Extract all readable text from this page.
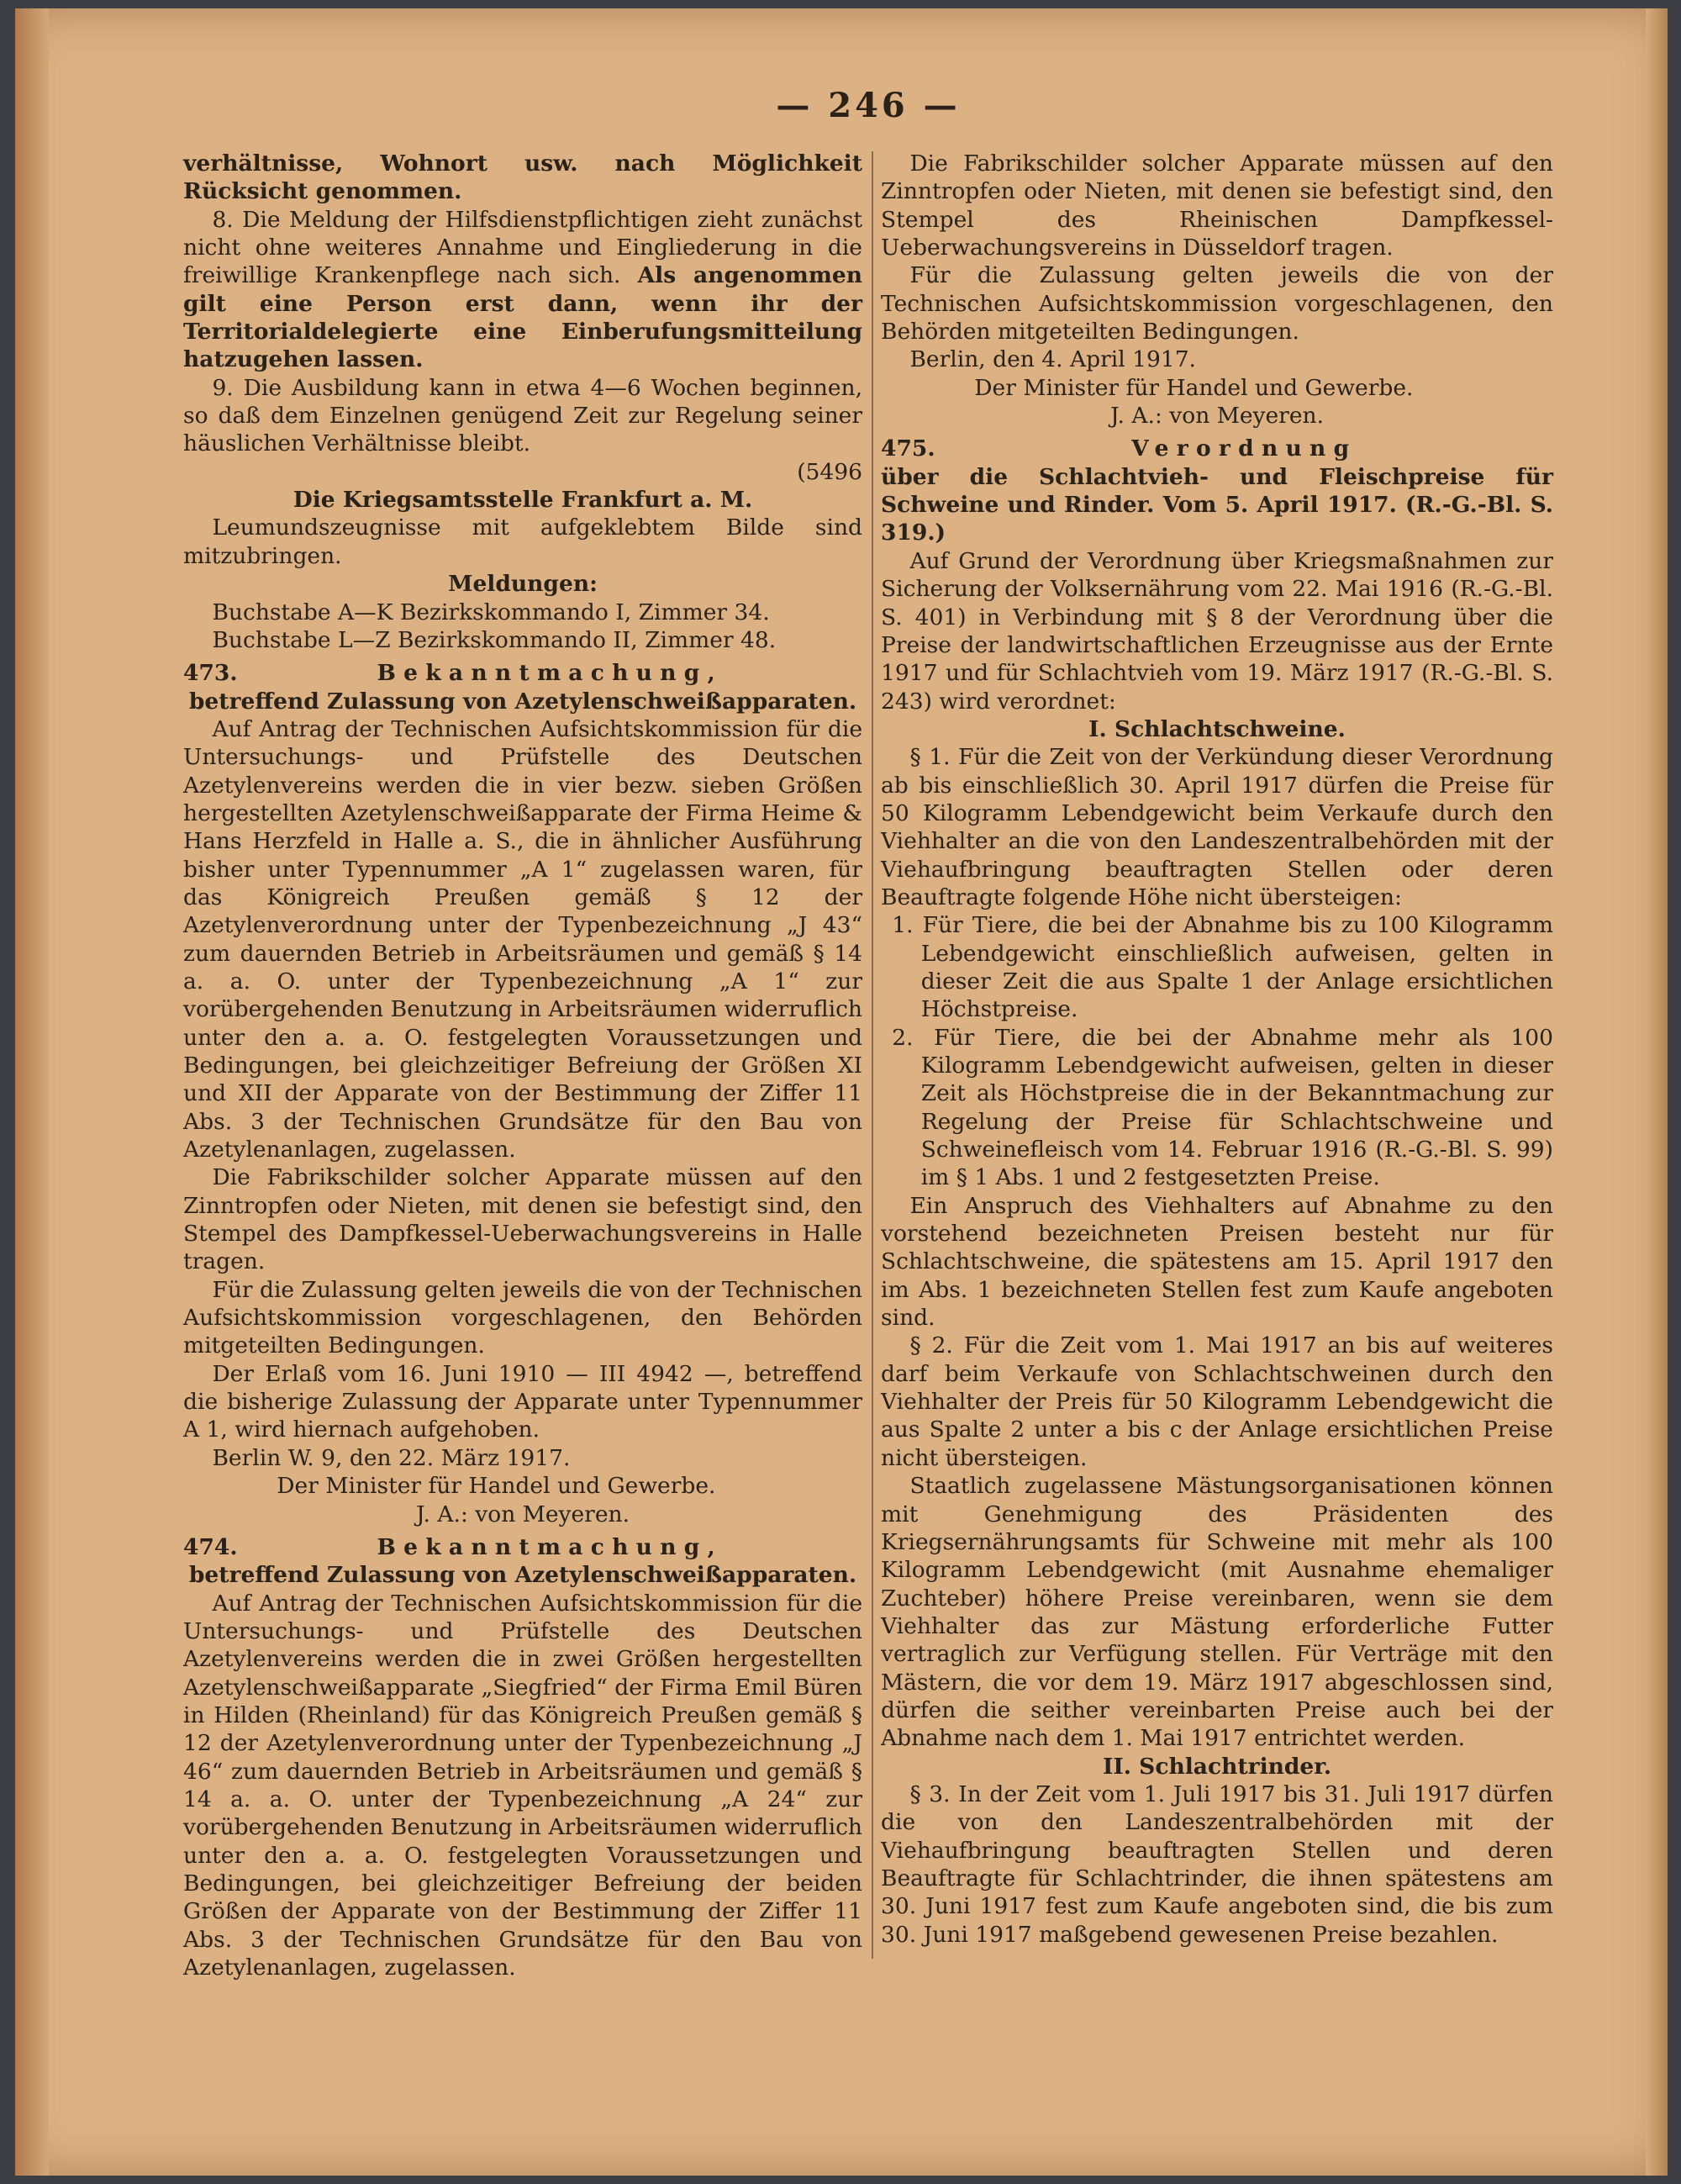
— 246 —

verhältnisse, Wohnort usw. nach Möglichkeit Rücksicht genommen.

8. Die Meldung der Hilfsdienstpflichtigen zieht zunächst nicht ohne weiteres Annahme und Eingliederung in die freiwillige Krankenpflege nach sich. Als angenommen gilt eine Person erst dann, wenn ihr der Territorialdelegierte eine Einberufungsmitteilung hatzugehen lassen.

9. Die Ausbildung kann in etwa 4—6 Wochen beginnen, so daß dem Einzelnen genügend Zeit zur Regelung seiner häuslichen Verhältnisse bleibt.

(5496

Die Kriegsamtsstelle Frankfurt a. M.

Leumundszeugnisse mit aufgeklebtem Bilde sind mitzubringen.

Meldungen:

Buchstabe A—K Bezirkskommando I, Zimmer 34.

Buchstabe L—Z Bezirkskommando II, Zimmer 48.

473.	Bekanntmachung,

betreffend Zulassung von Azetylenschweißapparaten.

Auf Antrag der Technischen Aufsichtskommission für die Untersuchungs- und Prüfstelle des Deutschen Azetylenvereins werden die in vier bezw. sieben Größen hergestellten Azetylenschweißapparate der Firma Heime & Hans Herzfeld in Halle a. S., die in ähnlicher Ausführung bisher unter Typennummer „A 1“ zugelassen waren, für das Königreich Preußen gemäß § 12 der Azetylenverordnung unter der Typenbezeichnung „J 43“ zum dauernden Betrieb in Arbeitsräumen und gemäß § 14 a. a. O. unter der Typenbezeichnung „A 1“ zur vorübergehenden Benutzung in Arbeitsräumen widerruflich unter den a. a. O. festgelegten Voraussetzungen und Bedingungen, bei gleichzeitiger Befreiung der Größen XI und XII der Apparate von der Bestimmung der Ziffer 11 Abs. 3 der Technischen Grundsätze für den Bau von Azetylenanlagen, zugelassen.

Die Fabrikschilder solcher Apparate müssen auf den Zinntropfen oder Nieten, mit denen sie befestigt sind, den Stempel des Dampfkessel-Ueberwachungsvereins in Halle tragen.

Für die Zulassung gelten jeweils die von der Technischen Aufsichtskommission vorgeschlagenen, den Behörden mitgeteilten Bedingungen.

Der Erlaß vom 16. Juni 1910 — III 4942 —, betreffend die bisherige Zulassung der Apparate unter Typennummer A 1, wird hiernach aufgehoben.

Berlin W. 9, den 22. März 1917.

Der Minister für Handel und Gewerbe.

J. A.: von Meyeren.

474.	Bekanntmachung,

betreffend Zulassung von Azetylenschweißapparaten.

Auf Antrag der Technischen Aufsichtskommission für die Untersuchungs- und Prüfstelle des Deutschen Azetylenvereins werden die in zwei Größen hergestellten Azetylenschweißapparate „Siegfried“ der Firma Emil Büren in Hilden (Rheinland) für das Königreich Preußen gemäß § 12 der Azetylenverordnung unter der Typenbezeichnung „J 46“ zum dauernden Betrieb in Arbeitsräumen und gemäß § 14 a. a. O. unter der Typenbezeichnung „A 24“ zur vorübergehenden Benutzung in Arbeitsräumen widerruflich unter den a. a. O. festgelegten Voraussetzungen und Bedingungen, bei gleichzeitiger Befreiung der beiden Größen der Apparate von der Bestimmung der Ziffer 11 Abs. 3 der Technischen Grundsätze für den Bau von Azetylenanlagen, zugelassen.

Die Fabrikschilder solcher Apparate müssen auf den Zinntropfen oder Nieten, mit denen sie befestigt sind, den Stempel des Rheinischen Dampfkessel-Ueberwachungsvereins in Düsseldorf tragen.

Für die Zulassung gelten jeweils die von der Technischen Aufsichtskommission vorgeschlagenen, den Behörden mitgeteilten Bedingungen.

Berlin, den 4. April 1917.

Der Minister für Handel und Gewerbe.

J. A.: von Meyeren.

475.	Verordnung

über die Schlachtvieh- und Fleischpreise für Schweine und Rinder. Vom 5. April 1917. (R.-G.-Bl. S. 319.)

Auf Grund der Verordnung über Kriegsmaßnahmen zur Sicherung der Volksernährung vom 22. Mai 1916 (R.-G.-Bl. S. 401) in Verbindung mit § 8 der Verordnung über die Preise der landwirtschaftlichen Erzeugnisse aus der Ernte 1917 und für Schlachtvieh vom 19. März 1917 (R.-G.-Bl. S. 243) wird verordnet:

I. Schlachtschweine.

§ 1. Für die Zeit von der Verkündung dieser Verordnung ab bis einschließlich 30. April 1917 dürfen die Preise für 50 Kilogramm Lebendgewicht beim Verkaufe durch den Viehhalter an die von den Landeszentralbehörden mit der Viehaufbringung beauftragten Stellen oder deren Beauftragte folgende Höhe nicht übersteigen:

1. Für Tiere, die bei der Abnahme bis zu 100 Kilogramm Lebendgewicht einschließlich aufweisen, gelten in dieser Zeit die aus Spalte 1 der Anlage ersichtlichen Höchstpreise.

2. Für Tiere, die bei der Abnahme mehr als 100 Kilogramm Lebendgewicht aufweisen, gelten in dieser Zeit als Höchstpreise die in der Bekanntmachung zur Regelung der Preise für Schlachtschweine und Schweinefleisch vom 14. Februar 1916 (R.-G.-Bl. S. 99) im § 1 Abs. 1 und 2 festgesetzten Preise.

Ein Anspruch des Viehhalters auf Abnahme zu den vorstehend bezeichneten Preisen besteht nur für Schlachtschweine, die spätestens am 15. April 1917 den im Abs. 1 bezeichneten Stellen fest zum Kaufe angeboten sind.

§ 2. Für die Zeit vom 1. Mai 1917 an bis auf weiteres darf beim Verkaufe von Schlachtschweinen durch den Viehhalter der Preis für 50 Kilogramm Lebendgewicht die aus Spalte 2 unter a bis c der Anlage ersichtlichen Preise nicht übersteigen.

Staatlich zugelassene Mästungsorganisationen können mit Genehmigung des Präsidenten des Kriegsernährungsamts für Schweine mit mehr als 100 Kilogramm Lebendgewicht (mit Ausnahme ehemaliger Zuchteber) höhere Preise vereinbaren, wenn sie dem Viehhalter das zur Mästung erforderliche Futter vertraglich zur Verfügung stellen. Für Verträge mit den Mästern, die vor dem 19. März 1917 abgeschlossen sind, dürfen die seither vereinbarten Preise auch bei der Abnahme nach dem 1. Mai 1917 entrichtet werden.

II. Schlachtrinder.

§ 3. In der Zeit vom 1. Juli 1917 bis 31. Juli 1917 dürfen die von den Landeszentralbehörden mit der Viehaufbringung beauftragten Stellen und deren Beauftragte für Schlachtrinder, die ihnen spätestens am 30. Juni 1917 fest zum Kaufe angeboten sind, die bis zum 30. Juni 1917 maßgebend gewesenen Preise bezahlen.
